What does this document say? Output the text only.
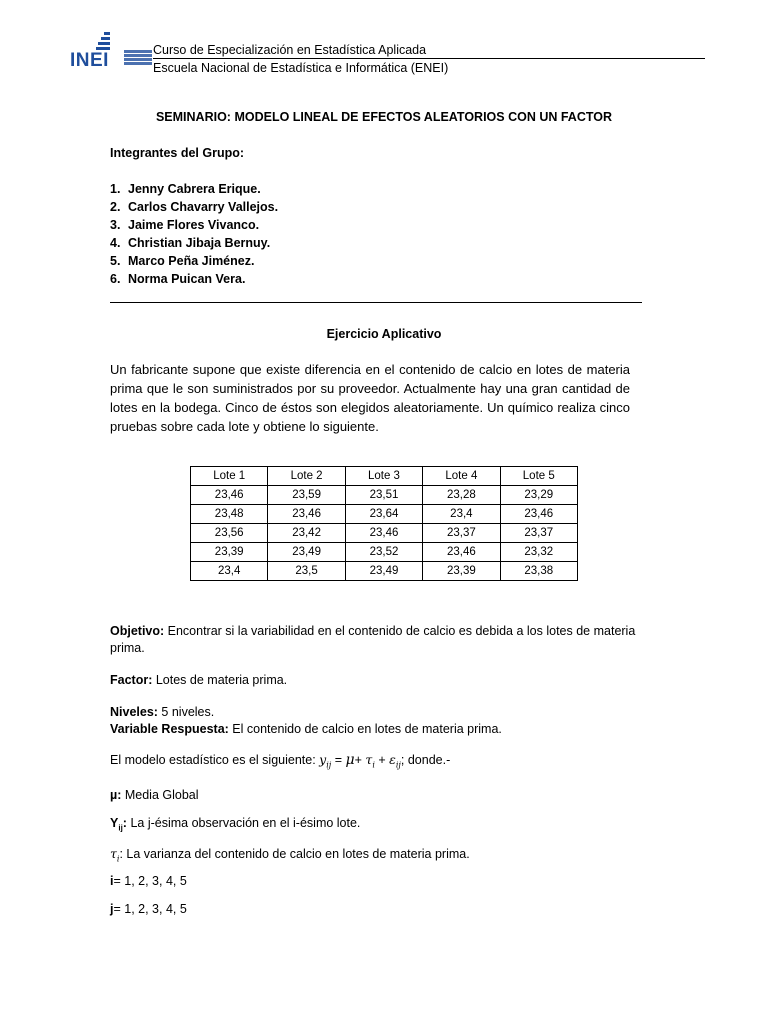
INEI	Curso de Especialización en Estadística Aplicada
Escuela Nacional de Estadística e Informática (ENEI)
SEMINARIO: MODELO LINEAL DE EFECTOS ALEATORIOS CON UN FACTOR
Integrantes del Grupo:
1. Jenny Cabrera Erique.
2. Carlos Chavarry Vallejos.
3. Jaime Flores Vivanco.
4. Christian Jibaja Bernuy.
5. Marco Peña Jiménez.
6. Norma Puican Vera.
Ejercicio Aplicativo
Un fabricante supone que existe diferencia en el contenido de calcio en lotes de materia prima que le son suministrados por su proveedor. Actualmente hay una gran cantidad de lotes en la bodega. Cinco de éstos son elegidos aleatoriamente. Un químico realiza cinco pruebas sobre cada lote y obtiene lo siguiente.
Lote 1	Lote 2	Lote 3	Lote 4	Lote 5
23,46	23,59	23,51	23,28	23,29
23,48	23,46	23,64	23,4	23,46
23,56	23,42	23,46	23,37	23,37
23,39	23,49	23,52	23,46	23,32
23,4	23,5	23,49	23,39	23,38
Objetivo: Encontrar si la variabilidad en el contenido de calcio es debida a los lotes de materia prima.
Factor: Lotes de materia prima.
Niveles: 5 niveles.
Variable Respuesta: El contenido de calcio en lotes de materia prima.
El modelo estadístico es el siguiente: $y_{ij} = \mu+ \tau_i + \varepsilon_{ij}$; donde.-
µ: Media Global
$Y_{ij}$: La j-ésima observación en el i-ésimo lote.
$\tau_i$: La varianza del contenido de calcio en lotes de materia prima.
i= 1, 2, 3, 4, 5
j= 1, 2, 3, 4, 5
